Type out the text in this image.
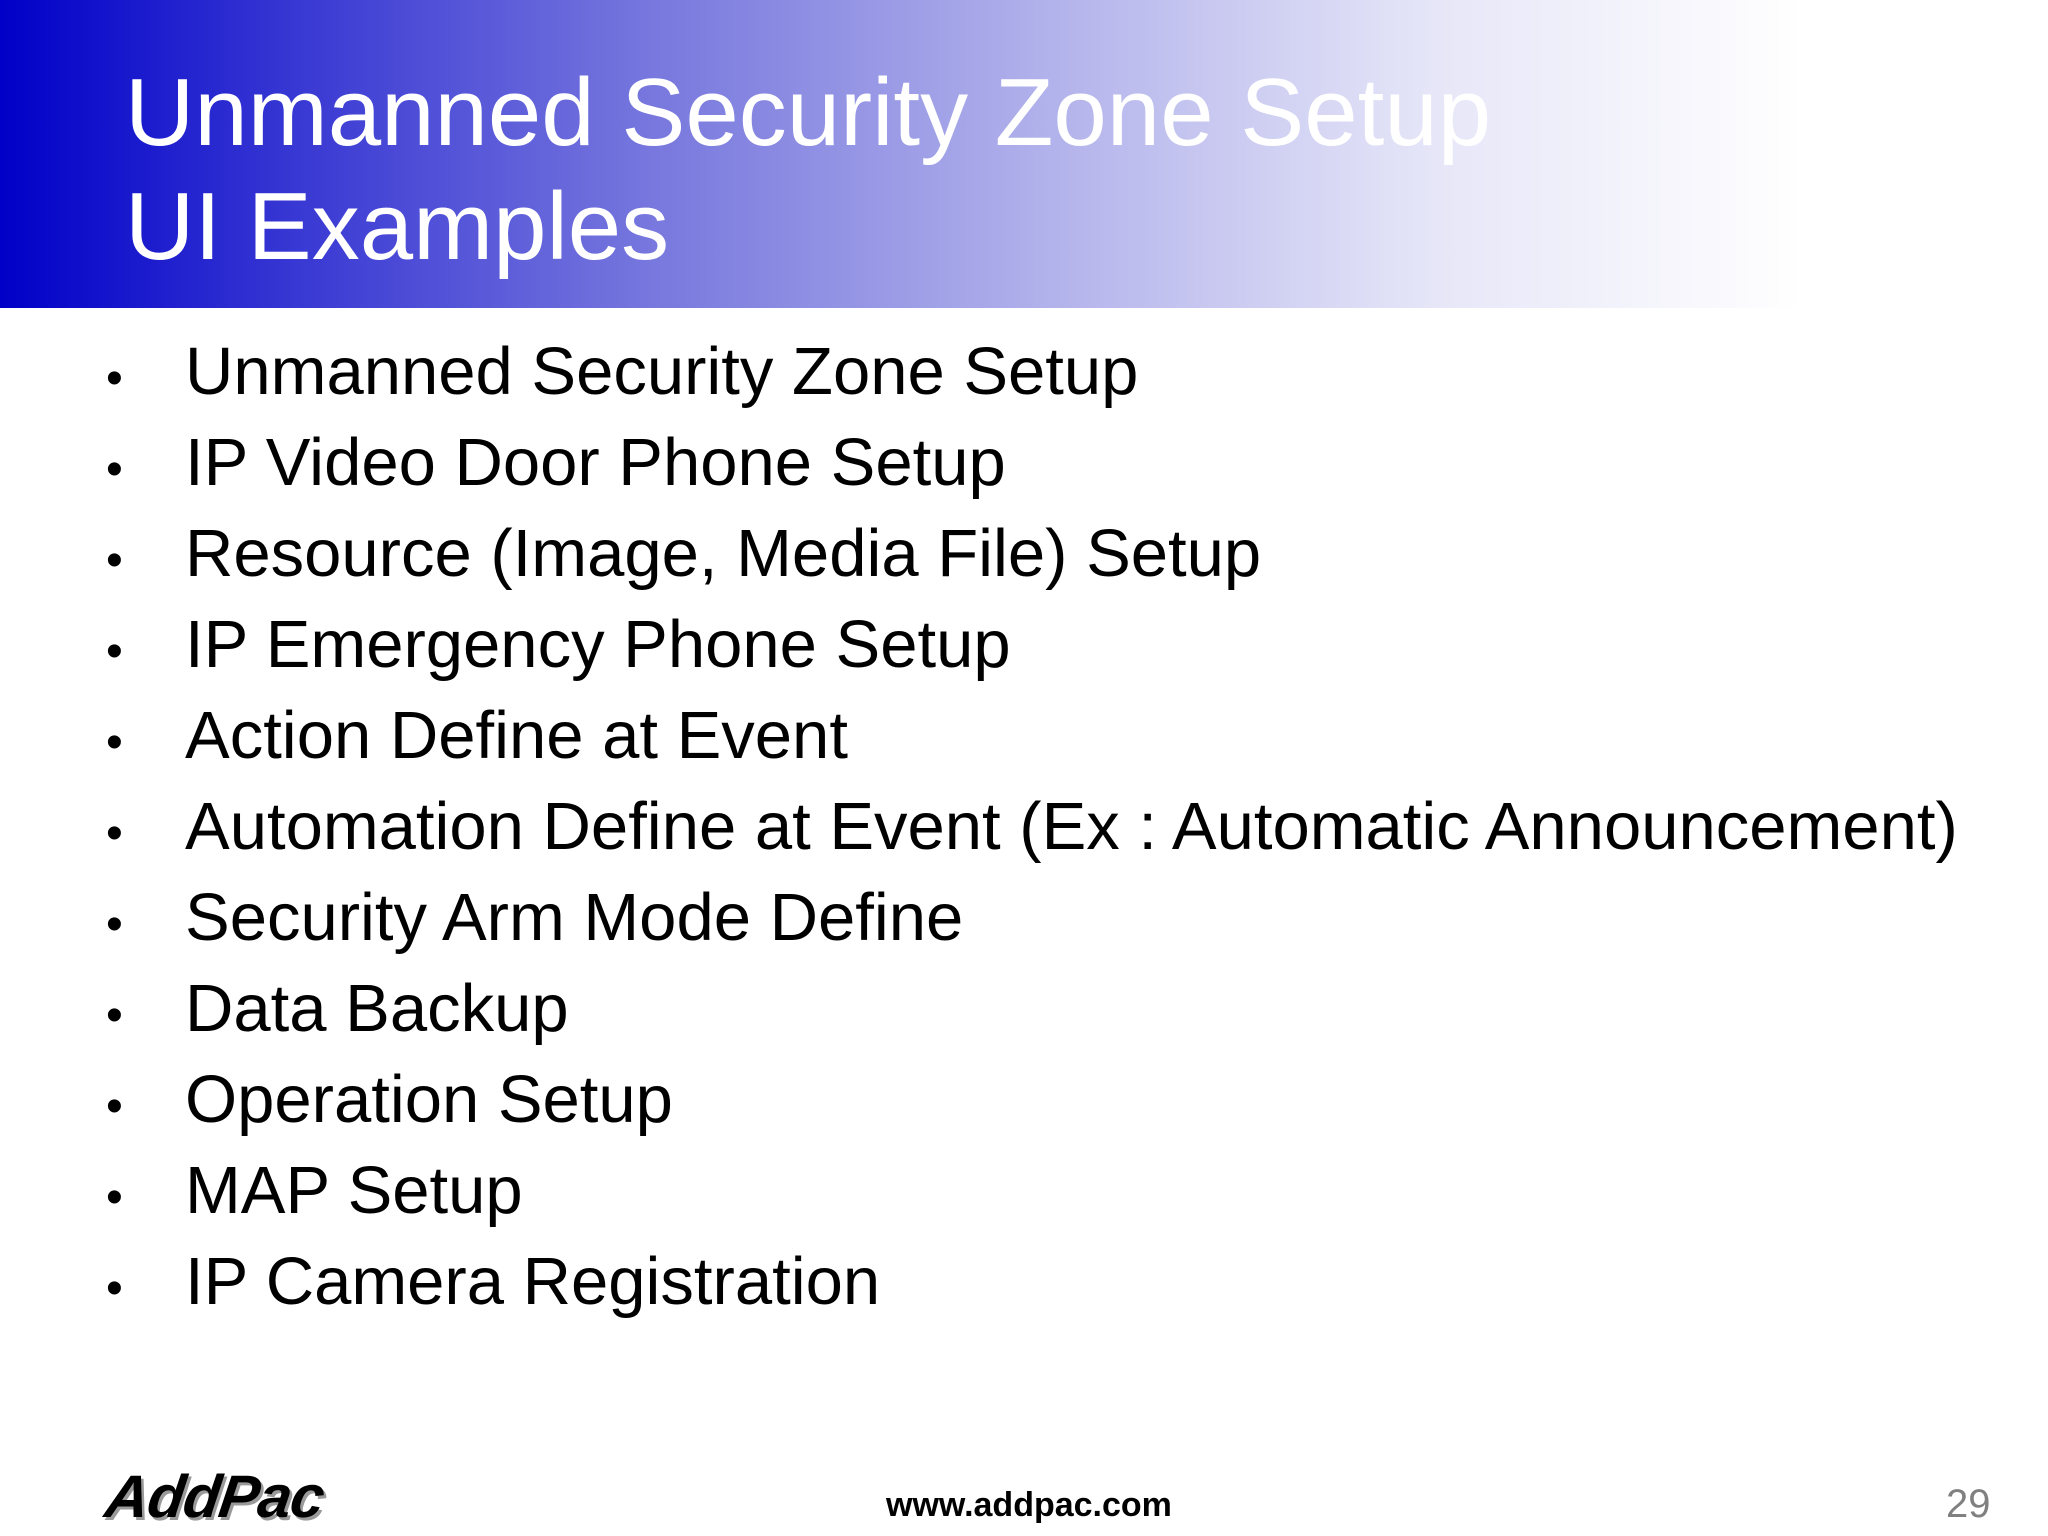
Unmanned Security Zone Setup
UI Examples
• Unmanned Security Zone Setup
• IP Video Door Phone Setup
• Resource (Image, Media File) Setup
• IP Emergency Phone Setup
• Action Define at Event
• Automation Define at Event (Ex : Automatic Announcement)
• Security Arm Mode Define
• Data Backup
• Operation Setup
• MAP Setup
• IP Camera Registration
AddPac	www.addpac.com	29
